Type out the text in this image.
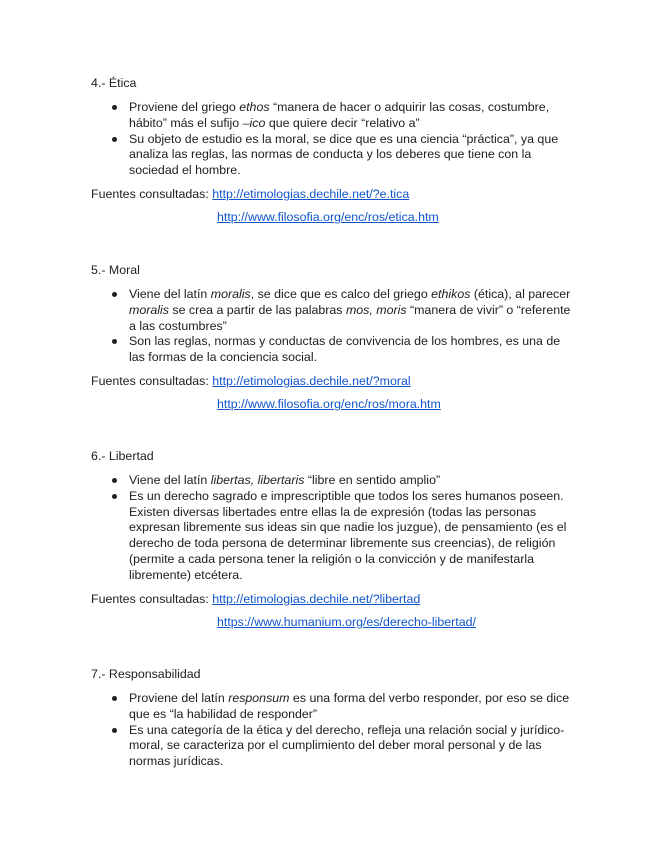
4.- Ética

Proviene del griego ethos “manera de hacer o adquirir las cosas, costumbre, hábito” más el sufijo –ico que quiere decir “relativo a”
Su objeto de estudio es la moral, se dice que es una ciencia “práctica”, ya que analiza las reglas, las normas de conducta y los deberes que tiene con la sociedad el hombre.
Fuentes consultadas: http://etimologias.dechile.net/?e.tica
http://www.filosofia.org/enc/ros/etica.htm

5.- Moral

Viene del latín moralis, se dice que es calco del griego ethikos (ética), al parecer moralis se crea a partir de las palabras mos, moris “manera de vivir” o “referente a las costumbres”
Son las reglas, normas y conductas de convivencia de los hombres, es una de las formas de la conciencia social.
Fuentes consultadas: http://etimologias.dechile.net/?moral
http://www.filosofia.org/enc/ros/mora.htm

6.- Libertad

Viene del latín libertas, libertaris “libre en sentido amplio”
Es un derecho sagrado e imprescriptible que todos los seres humanos poseen. Existen diversas libertades entre ellas la de expresión (todas las personas expresan libremente sus ideas sin que nadie los juzgue), de pensamiento (es el derecho de toda persona de determinar libremente sus creencias), de religión (permite a cada persona tener la religión o la convicción y de manifestarla libremente) etcétera.
Fuentes consultadas: http://etimologias.dechile.net/?libertad
https://www.humanium.org/es/derecho-libertad/

7.- Responsabilidad

Proviene del latín responsum es una forma del verbo responder, por eso se dice que es “la habilidad de responder”
Es una categoría de la ética y del derecho, refleja una relación social y jurídico-moral, se caracteriza por el cumplimiento del deber moral personal y de las normas jurídicas.
